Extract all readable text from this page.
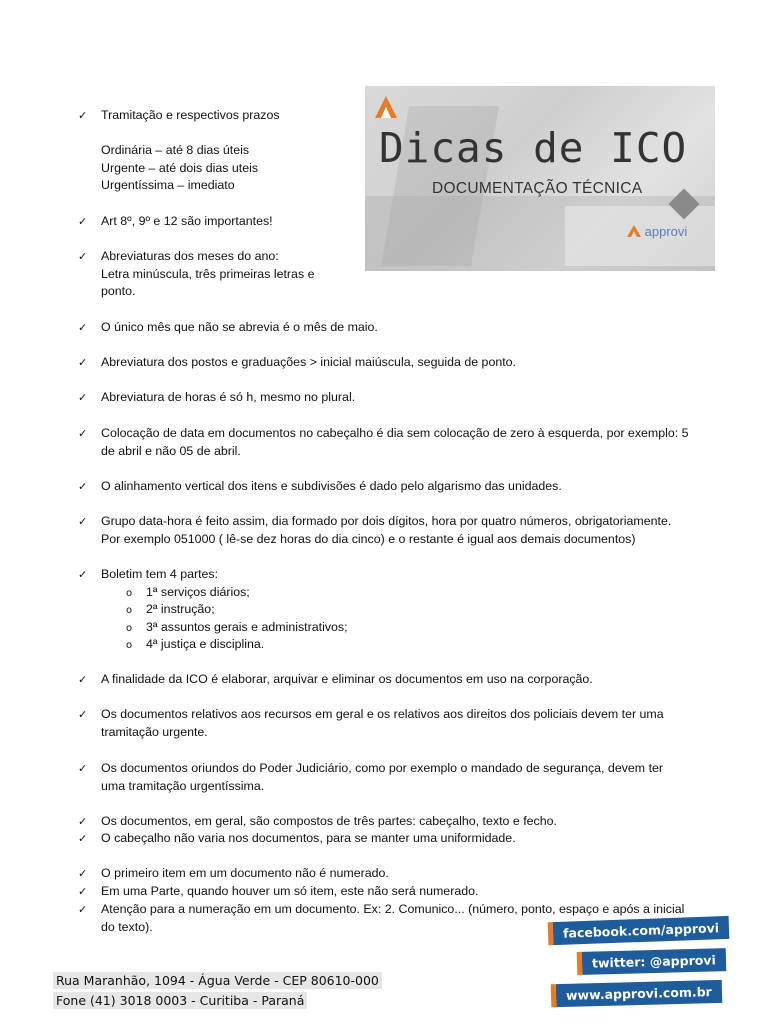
Dicas de ICO
DOCUMENTAÇÃO TÉCNICA
approvi
✓	Tramitação e respectivos prazos
Ordinária – até 8 dias úteis
Urgente – até dois dias uteis
Urgentíssima – imediato
✓	Art 8º, 9º e 12 são importantes!
✓	Abreviaturas dos meses do ano:
Letra minúscula, três primeiras letras e
ponto.
✓	O único mês que não se abrevia é o mês de maio.
✓	Abreviatura dos postos e graduações > inicial maiúscula, seguida de ponto.
✓	Abreviatura de horas é só h, mesmo no plural.
✓	Colocação de data em documentos no cabeçalho é dia sem colocação de zero à esquerda, por exemplo: 5
de abril e não 05 de abril.
✓	O alinhamento vertical dos itens e subdivisões é dado pelo algarismo das unidades.
✓	Grupo data-hora é feito assim, dia formado por dois dígitos, hora por quatro números, obrigatoriamente.
Por exemplo 051000 ( lê-se dez horas do dia cinco) e o restante é igual aos demais documentos)
✓	Boletim tem 4 partes:
o 1ª serviços diários;
o 2ª instrução;
o 3ª assuntos gerais e administrativos;
o 4ª justiça e disciplina.
✓	A finalidade da ICO é elaborar, arquivar e eliminar os documentos em uso na corporação.
✓	Os documentos relativos aos recursos em geral e os relativos aos direitos dos policiais devem ter uma
tramitação urgente.
✓	Os documentos oriundos do Poder Judiciário, como por exemplo o mandado de segurança, devem ter
uma tramitação urgentíssima.
✓	Os documentos, em geral, são compostos de três partes: cabeçalho, texto e fecho.
✓	O cabeçalho não varia nos documentos, para se manter uma uniformidade.
✓	O primeiro item em um documento não é numerado.
✓	Em uma Parte, quando houver um só item, este não será numerado.
✓	Atenção para a numeração em um documento. Ex: 2. Comunico... (número, ponto, espaço e após a inicial
do texto).
Rua Maranhão, 1094 - Água Verde - CEP 80610-000
Fone (41) 3018 0003 - Curitiba - Paraná
facebook.com/approvi
twitter: @approvi
www.approvi.com.br
